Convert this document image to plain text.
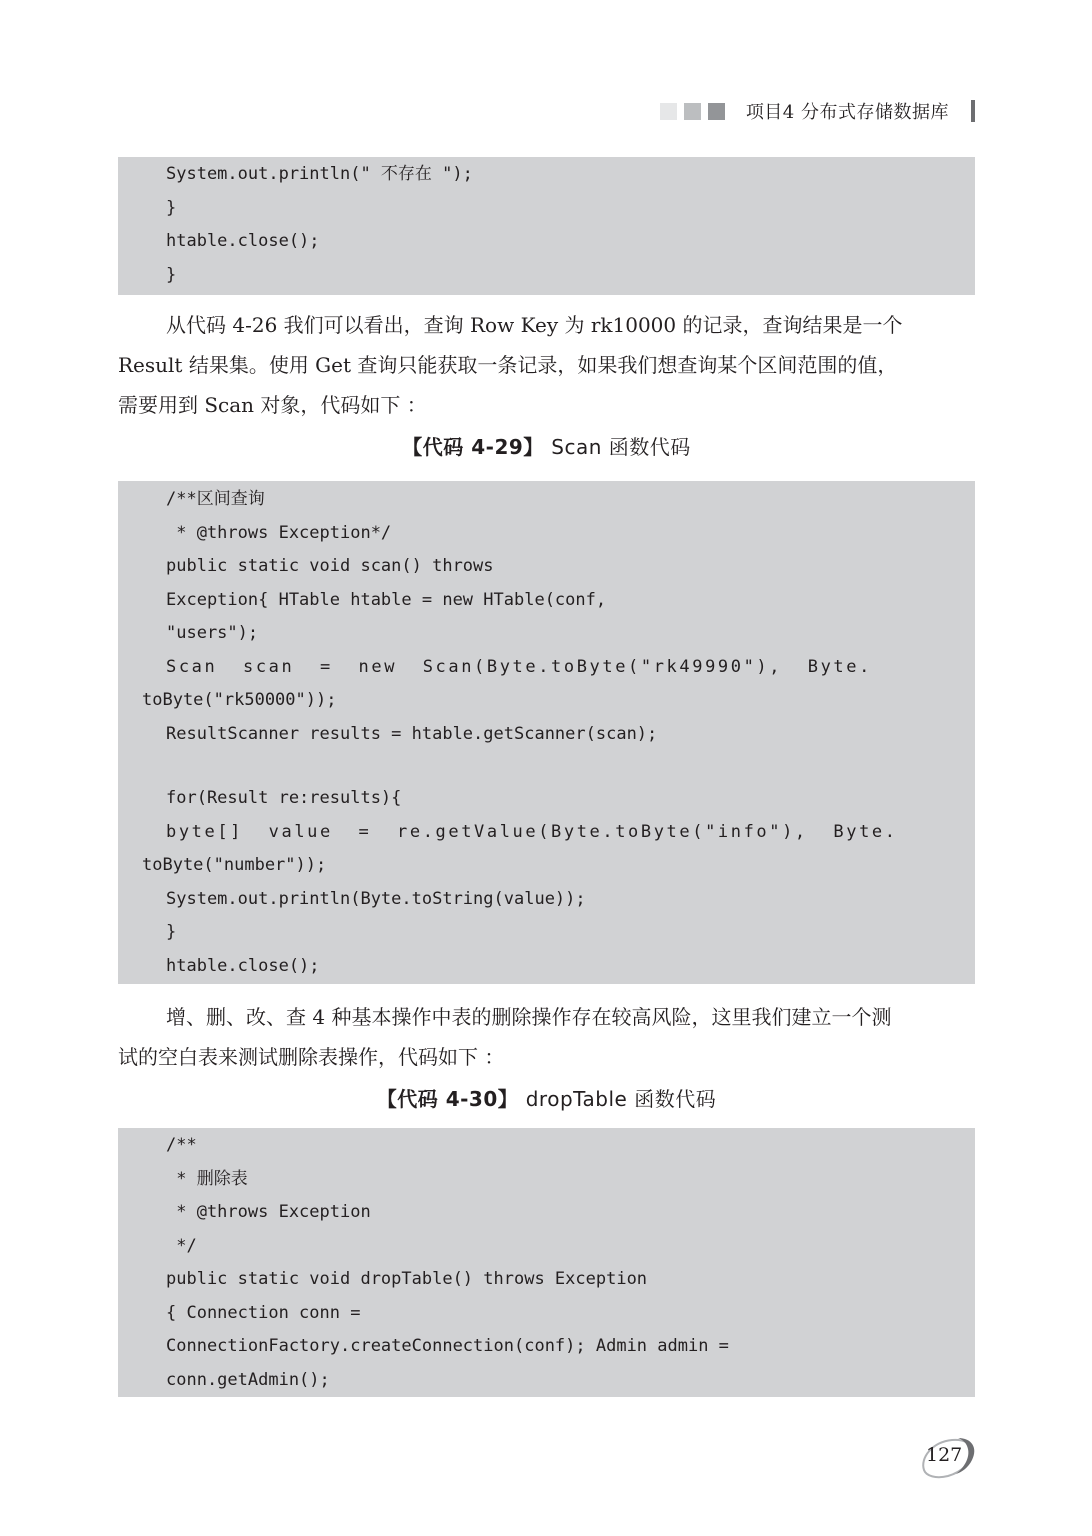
项目4 分布式存储数据库
System.out.println(" 不存在 ");
}
htable.close();
}

从代码 4-26 我们可以看出，查询 Row Key 为 rk10000 的记录，查询结果是一个

Result 结果集。使用 Get 查询只能获取一条记录，如果我们想查询某个区间范围的值，

需要用到 Scan 对象，代码如下 ：

【代码 4-29】 Scan 函数代码
/**区间查询
* @throws Exception*/
public static void scan() throws
Exception{ HTable htable = new HTable(conf,
"users");
Scan  scan  =  new  Scan(Byte.toByte("rk49990"),  Byte.
toByte("rk50000"));
ResultScanner results = htable.getScanner(scan);
for(Result re:results){
byte[]  value  =  re.getValue(Byte.toByte("info"),  Byte.
toByte("number"));
System.out.println(Byte.toString(value));
}
htable.close();

增、删、改、查 4 种基本操作中表的删除操作存在较高风险，这里我们建立一个测

试的空白表来测试删除表操作，代码如下 ：

【代码 4-30】 dropTable 函数代码
/**
* 删除表
* @throws Exception
*/
public static void dropTable() throws Exception
{ Connection conn =
ConnectionFactory.createConnection(conf); Admin admin =
conn.getAdmin();
127
